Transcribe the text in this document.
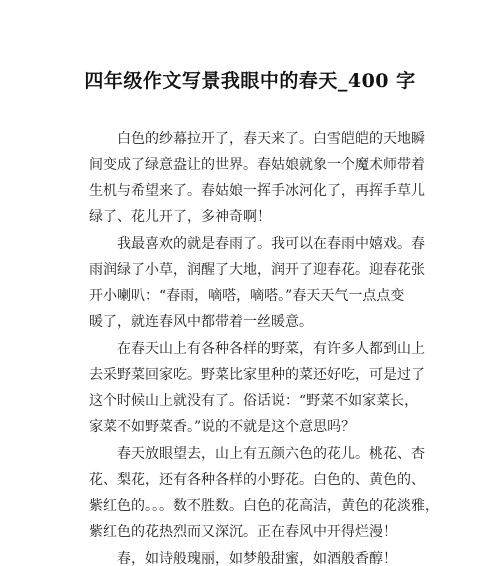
四年级作文写景我眼中的春天_400 字
白色的纱幕拉开了，春天来了。白雪皑皑的天地瞬
间变成了绿意盎让的世界。春姑娘就象一个魔术师带着
生机与希望来了。春姑娘一挥手冰河化了，再挥手草儿
绿了、花儿开了，多神奇啊！
我最喜欢的就是春雨了。我可以在春雨中嬉戏。春
雨润绿了小草，润醒了大地，润开了迎春花。迎春花张
开小喇叭：“春雨，嘀嗒，嘀嗒。”春天天气一点点变
暖了，就连春风中都带着一丝暖意。
在春天山上有各种各样的野菜，有许多人都到山上
去采野菜回家吃。野菜比家里种的菜还好吃，可是过了
这个时候山上就没有了。俗话说：“野菜不如家菜长，
家菜不如野菜香。”说的不就是这个意思吗？
春天放眼望去，山上有五颜六色的花儿。桃花、杏
花、梨花，还有各种各样的小野花。白色的、黄色的、
紫红色的。。。数不胜数。白色的花高洁，黄色的花淡雅，
紫红色的花热烈而又深沉。正在春风中开得烂漫！
春，如诗般瑰丽，如梦般甜蜜，如酒般香醇！
